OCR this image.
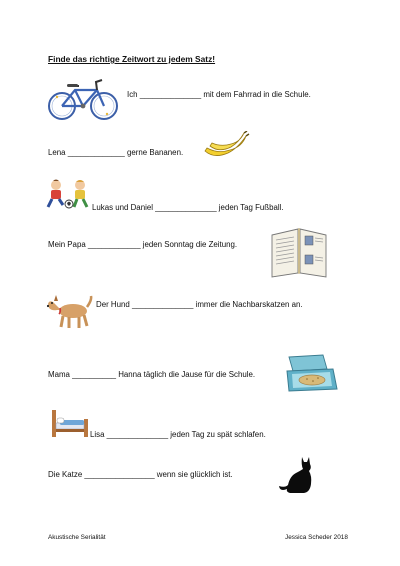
Finde das richtige Zeitwort zu jedem Satz!
Ich ______________ mit dem Fahrrad in die Schule.
Lena _____________ gerne Bananen.
Lukas und Daniel ______________ jeden Tag Fußball.
Mein Papa ____________ jeden Sonntag die Zeitung.
Der Hund ______________ immer die Nachbarskatzen an.
Mama __________ Hanna täglich die Jause für die Schule.
Lisa ______________ jeden Tag zu spät schlafen.
Die Katze ________________ wenn sie glücklich ist.
Akustische Serialität	Jessica Scheder 2018
